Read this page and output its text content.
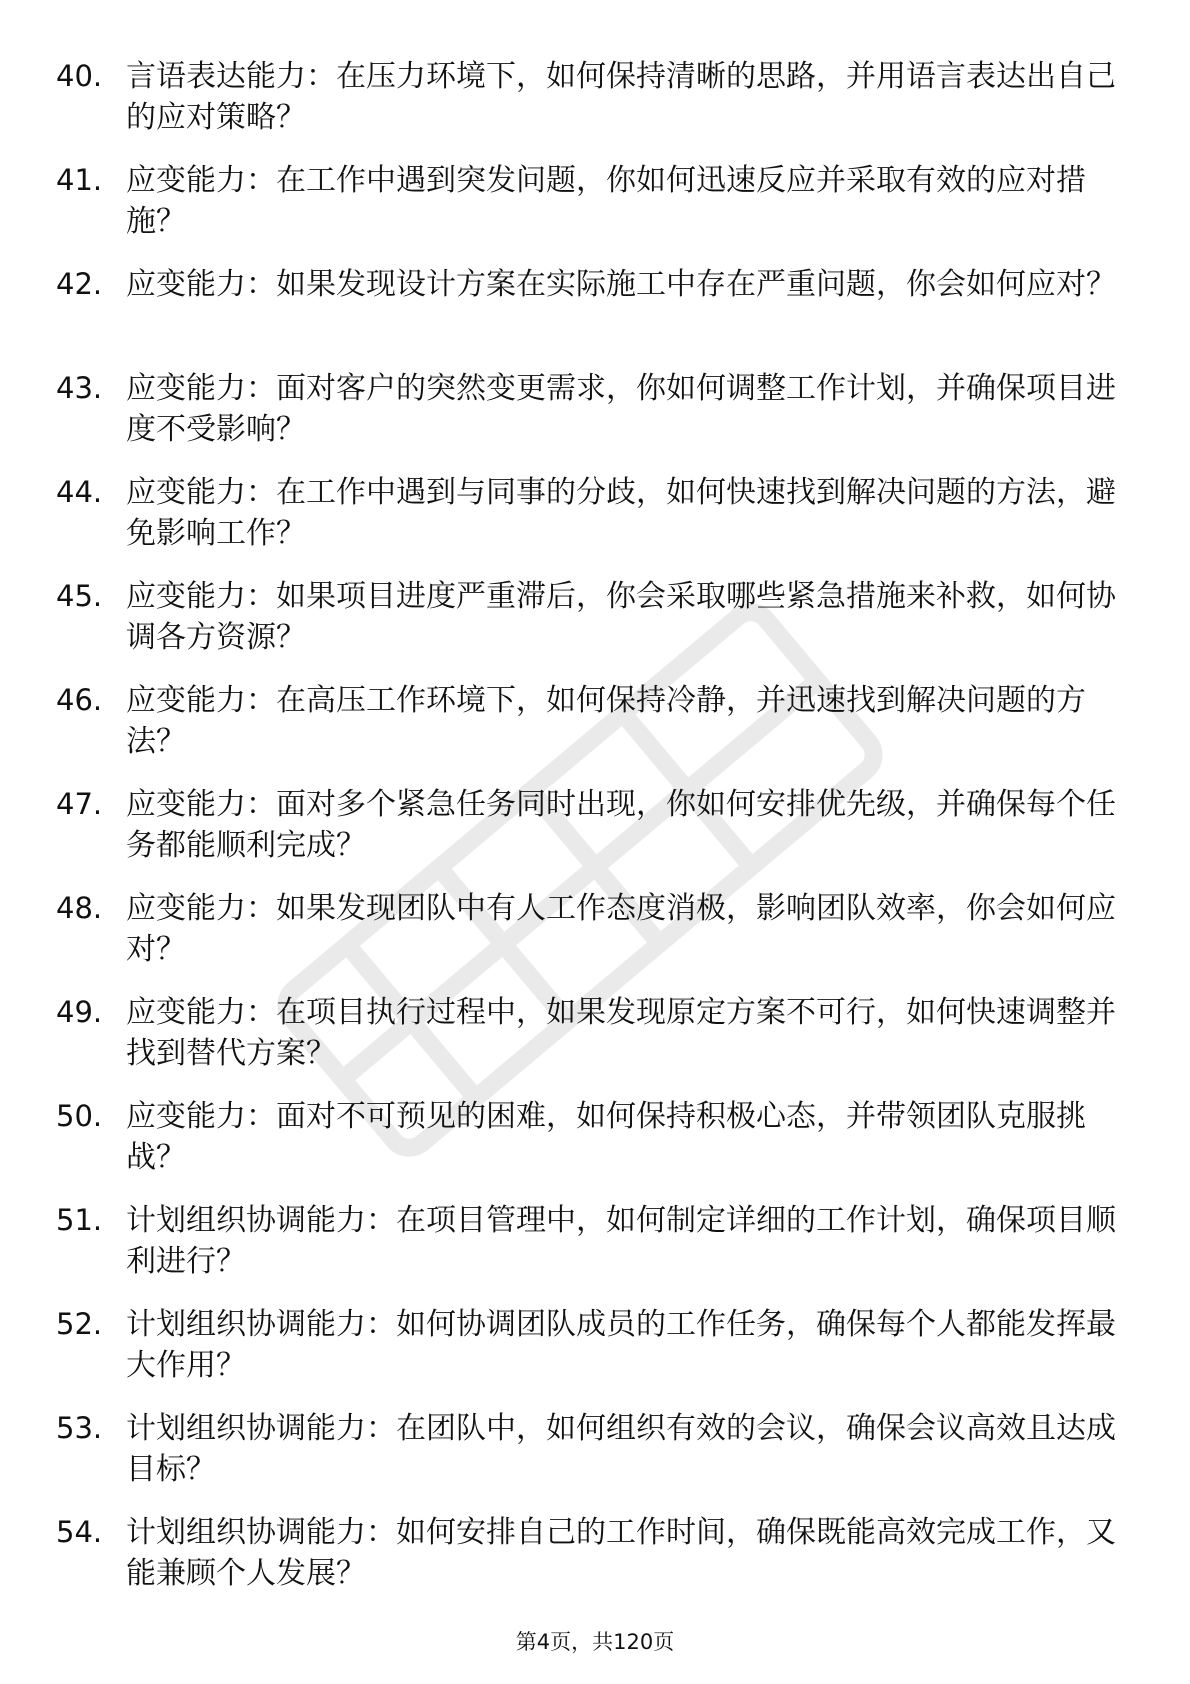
40. 言语表达能力：在压力环境下，如何保持清晰的思路，并用语言表达出自己的应对策略？
41. 应变能力：在工作中遇到突发问题，你如何迅速反应并采取有效的应对措施？
42. 应变能力：如果发现设计方案在实际施工中存在严重问题，你会如何应对？
43. 应变能力：面对客户的突然变更需求，你如何调整工作计划，并确保项目进度不受影响？
44. 应变能力：在工作中遇到与同事的分歧，如何快速找到解决问题的方法，避免影响工作？
45. 应变能力：如果项目进度严重滞后，你会采取哪些紧急措施来补救，如何协调各方资源？
46. 应变能力：在高压工作环境下，如何保持冷静，并迅速找到解决问题的方法？
47. 应变能力：面对多个紧急任务同时出现，你如何安排优先级，并确保每个任务都能顺利完成？
48. 应变能力：如果发现团队中有人工作态度消极，影响团队效率，你会如何应对？
49. 应变能力：在项目执行过程中，如果发现原定方案不可行，如何快速调整并找到替代方案？
50. 应变能力：面对不可预见的困难，如何保持积极心态，并带领团队克服挑战？
51. 计划组织协调能力：在项目管理中，如何制定详细的工作计划，确保项目顺利进行？
52. 计划组织协调能力：如何协调团队成员的工作任务，确保每个人都能发挥最大作用？
53. 计划组织协调能力：在团队中，如何组织有效的会议，确保会议高效且达成目标？
54. 计划组织协调能力：如何安排自己的工作时间，确保既能高效完成工作，又能兼顾个人发展？
第4页，共120页
